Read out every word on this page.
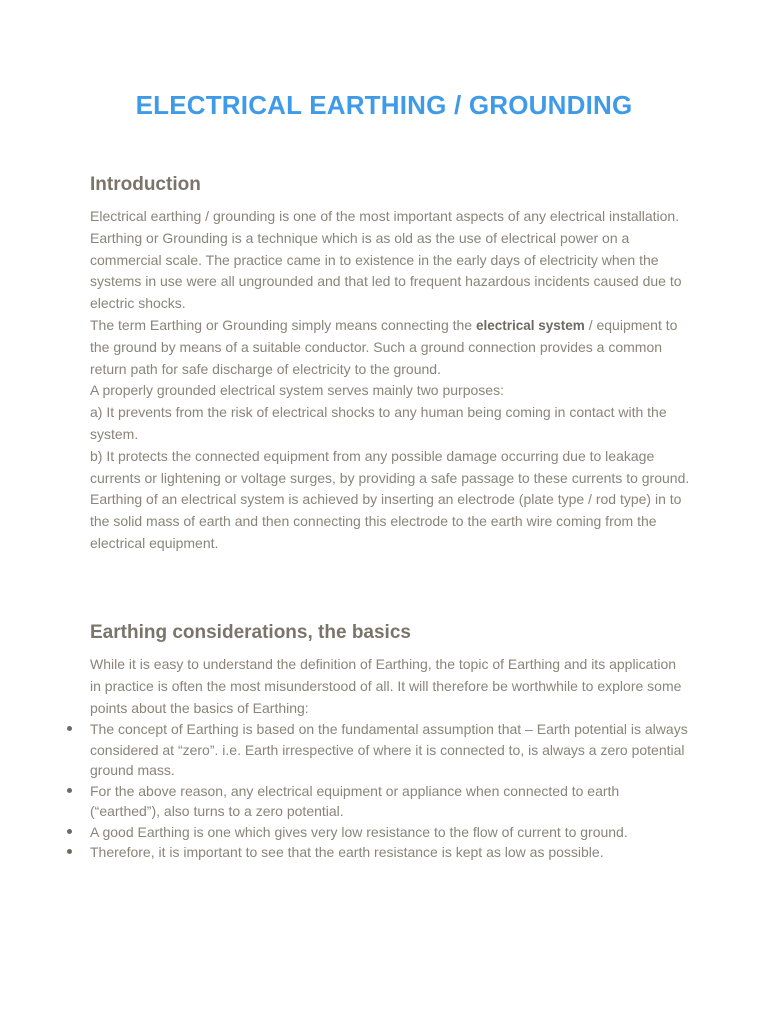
ELECTRICAL EARTHING / GROUNDING
Introduction

Electrical earthing / grounding is one of the most important aspects of any electrical installation. Earthing or Grounding is a technique which is as old as the use of electrical power on a commercial scale. The practice came in to existence in the early days of electricity when the systems in use were all ungrounded and that led to frequent hazardous incidents caused due to electric shocks.

The term Earthing or Grounding simply means connecting the electrical system / equipment to the ground by means of a suitable conductor. Such a ground connection provides a common return path for safe discharge of electricity to the ground.

A properly grounded electrical system serves mainly two purposes:

a) It prevents from the risk of electrical shocks to any human being coming in contact with the system.

b) It protects the connected equipment from any possible damage occurring due to leakage currents or lightening or voltage surges, by providing a safe passage to these currents to ground.

Earthing of an electrical system is achieved by inserting an electrode (plate type / rod type) in to the solid mass of earth and then connecting this electrode to the earth wire coming from the electrical equipment.

Earthing considerations, the basics

While it is easy to understand the definition of Earthing, the topic of Earthing and its application in practice is often the most misunderstood of all. It will therefore be worthwhile to explore some points about the basics of Earthing:

The concept of Earthing is based on the fundamental assumption that – Earth potential is always considered at “zero”. i.e. Earth irrespective of where it is connected to, is always a zero potential ground mass.
For the above reason, any electrical equipment or appliance when connected to earth (“earthed”), also turns to a zero potential.
A good Earthing is one which gives very low resistance to the flow of current to ground.
Therefore, it is important to see that the earth resistance is kept as low as possible.
